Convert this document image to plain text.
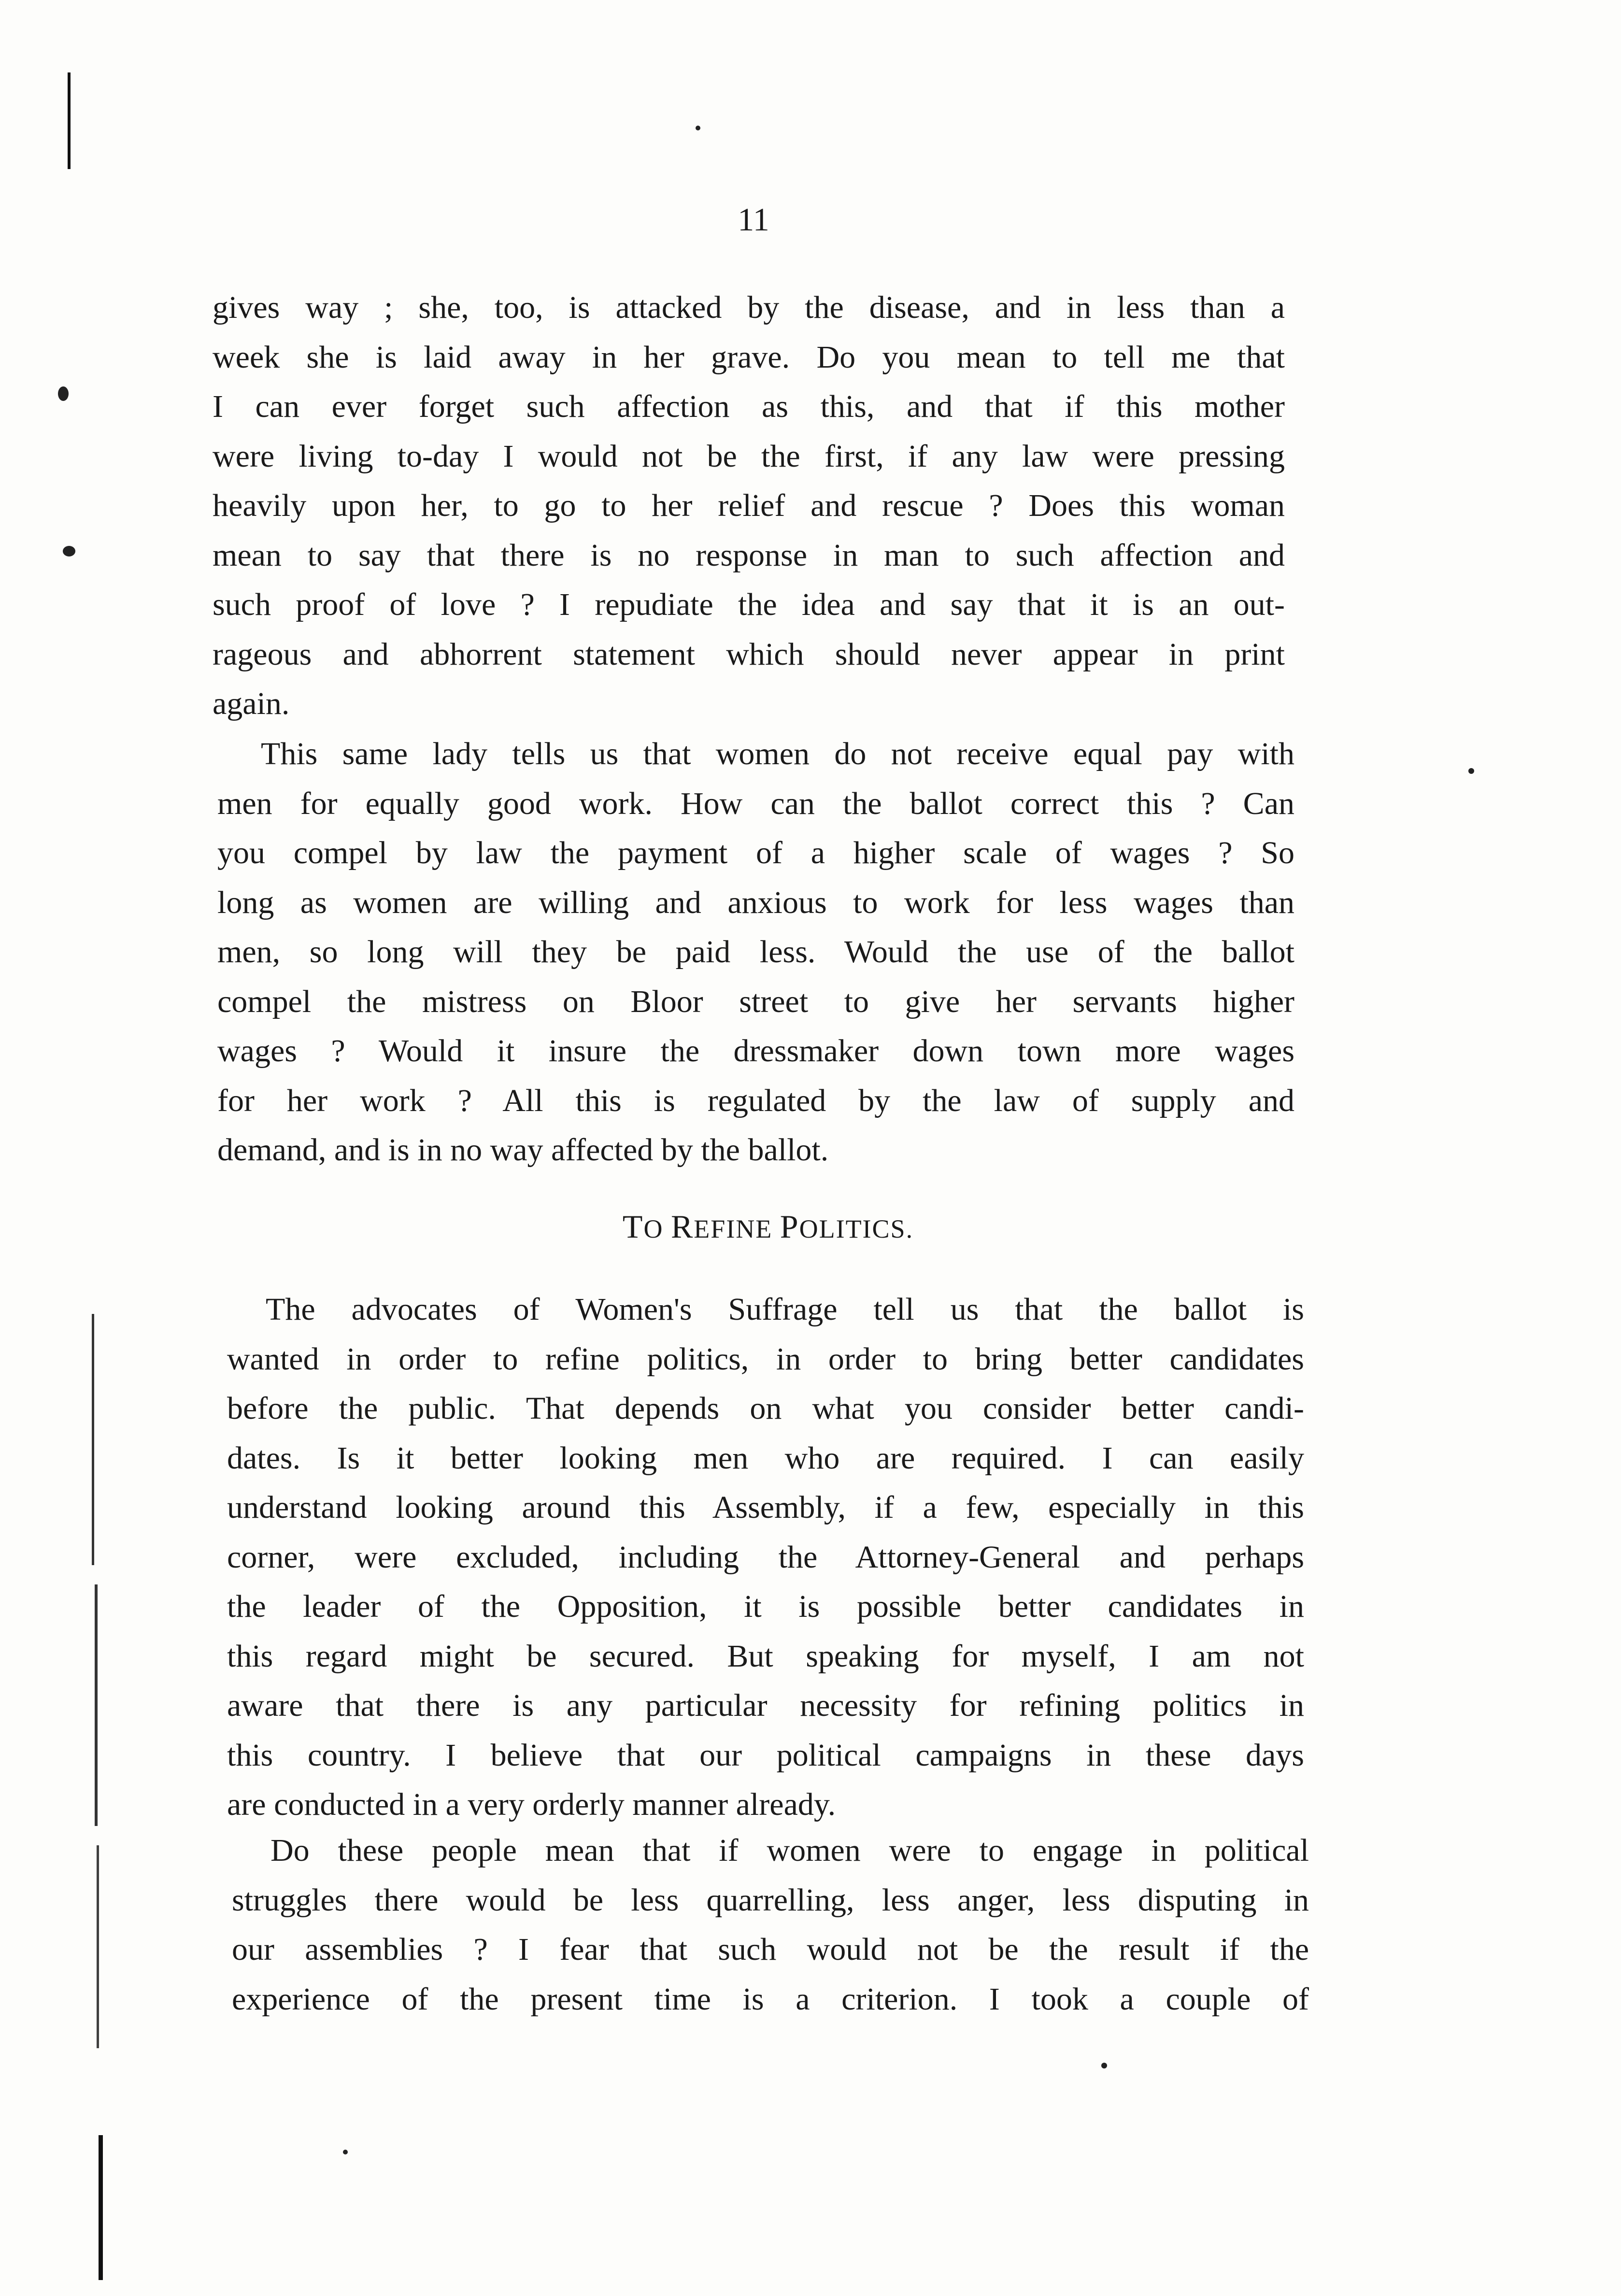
11
gives way ; she, too, is attacked by the disease, and in less than a
week she is laid away in her grave. Do you mean to tell me that
I can ever forget such affection as this, and that if this mother
were living to-day I would not be the first, if any law were pressing
heavily upon her, to go to her relief and rescue ? Does this woman
mean to say that there is no response in man to such affection and
such proof of love ? I repudiate the idea and say that it is an out-
rageous and abhorrent statement which should never appear in print
again.
This same lady tells us that women do not receive equal pay with
men for equally good work. How can the ballot correct this ? Can
you compel by law the payment of a higher scale of wages ? So
long as women are willing and anxious to work for less wages than
men, so long will they be paid less. Would the use of the ballot
compel the mistress on Bloor street to give her servants higher
wages ? Would it insure the dressmaker down town more wages
for her work ? All this is regulated by the law of supply and
demand, and is in no way affected by the ballot.
TO REFINE POLITICS.
The advocates of Women's Suffrage tell us that the ballot is
wanted in order to refine politics, in order to bring better candidates
before the public. That depends on what you consider better candi-
dates. Is it better looking men who are required. I can easily
understand looking around this Assembly, if a few, especially in this
corner, were excluded, including the Attorney-General and perhaps
the leader of the Opposition, it is possible better candidates in
this regard might be secured. But speaking for myself, I am not
aware that there is any particular necessity for refining politics in
this country. I believe that our political campaigns in these days
are conducted in a very orderly manner already.
Do these people mean that if women were to engage in political
struggles there would be less quarrelling, less anger, less disputing in
our assemblies ? I fear that such would not be the result if the
experience of the present time is a criterion. I took a couple of
